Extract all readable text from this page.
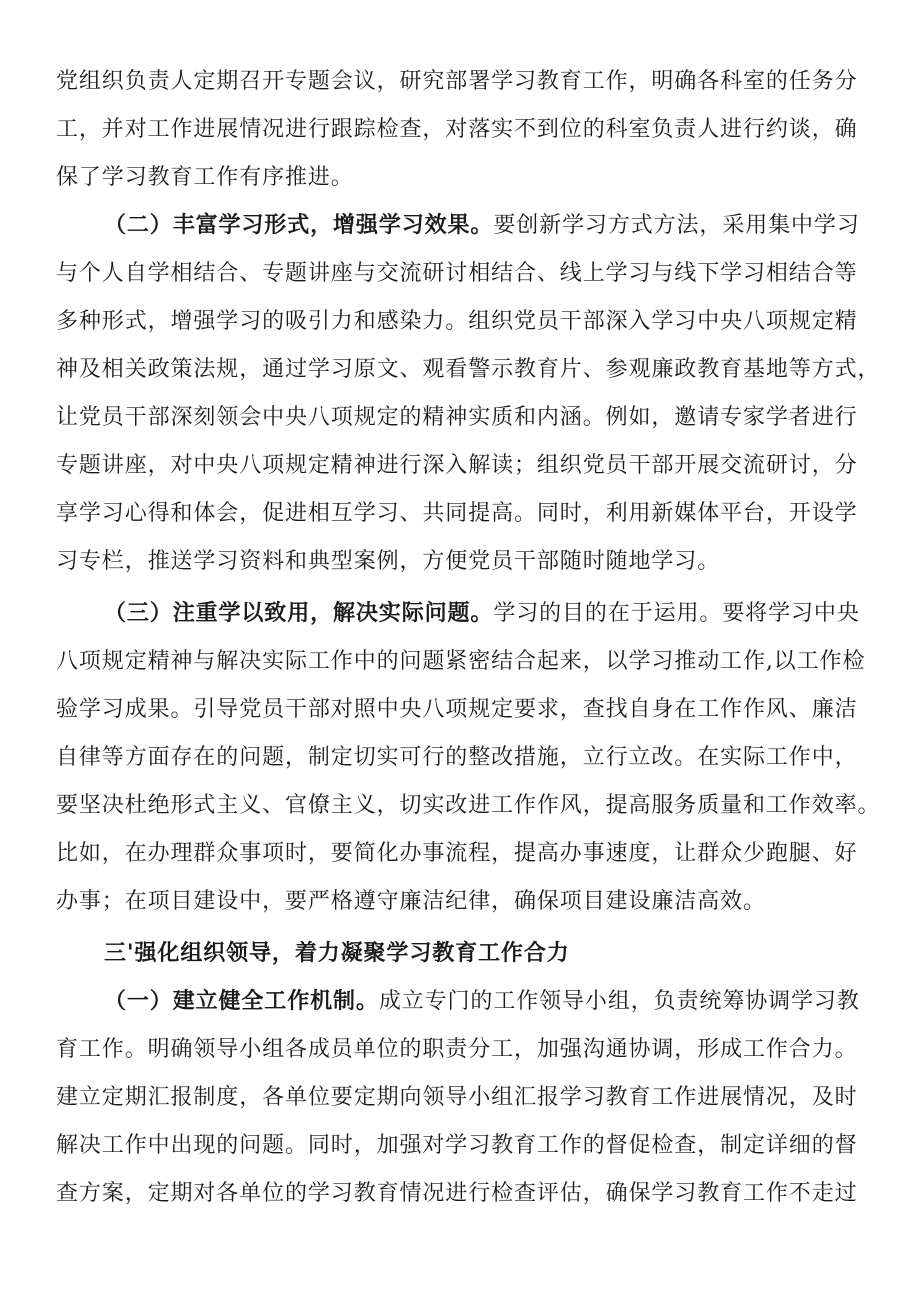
党组织负责人定期召开专题会议，研究部署学习教育工作，明确各科室的任务分
工，并对工作进展情况进行跟踪检查，对落实不到位的科室负责人进行约谈，确
保了学习教育工作有序推进。
（二）丰富学习形式，增强学习效果。要创新学习方式方法，采用集中学习
与个人自学相结合、专题讲座与交流研讨相结合、线上学习与线下学习相结合等
多种形式，增强学习的吸引力和感染力。组织党员干部深入学习中央八项规定精
神及相关政策法规，通过学习原文、观看警示教育片、参观廉政教育基地等方式，
让党员干部深刻领会中央八项规定的精神实质和内涵。例如，邀请专家学者进行
专题讲座，对中央八项规定精神进行深入解读；组织党员干部开展交流研讨，分
享学习心得和体会，促进相互学习、共同提高。同时，利用新媒体平台，开设学
习专栏，推送学习资料和典型案例，方便党员干部随时随地学习。
（三）注重学以致用，解决实际问题。学习的目的在于运用。要将学习中央
八项规定精神与解决实际工作中的问题紧密结合起来，以学习推动工作,以工作检
验学习成果。引导党员干部对照中央八项规定要求，查找自身在工作作风、廉洁
自律等方面存在的问题，制定切实可行的整改措施，立行立改。在实际工作中，
要坚决杜绝形式主义、官僚主义，切实改进工作作风，提高服务质量和工作效率。
比如，在办理群众事项时，要简化办事流程，提高办事速度，让群众少跑腿、好
办事；在项目建设中，要严格遵守廉洁纪律，确保项目建设廉洁高效。
三'强化组织领导，着力凝聚学习教育工作合力
（一）建立健全工作机制。成立专门的工作领导小组，负责统筹协调学习教
育工作。明确领导小组各成员单位的职责分工，加强沟通协调，形成工作合力。
建立定期汇报制度，各单位要定期向领导小组汇报学习教育工作进展情况，及时
解决工作中出现的问题。同时，加强对学习教育工作的督促检查，制定详细的督
查方案，定期对各单位的学习教育情况进行检查评估，确保学习教育工作不走过
